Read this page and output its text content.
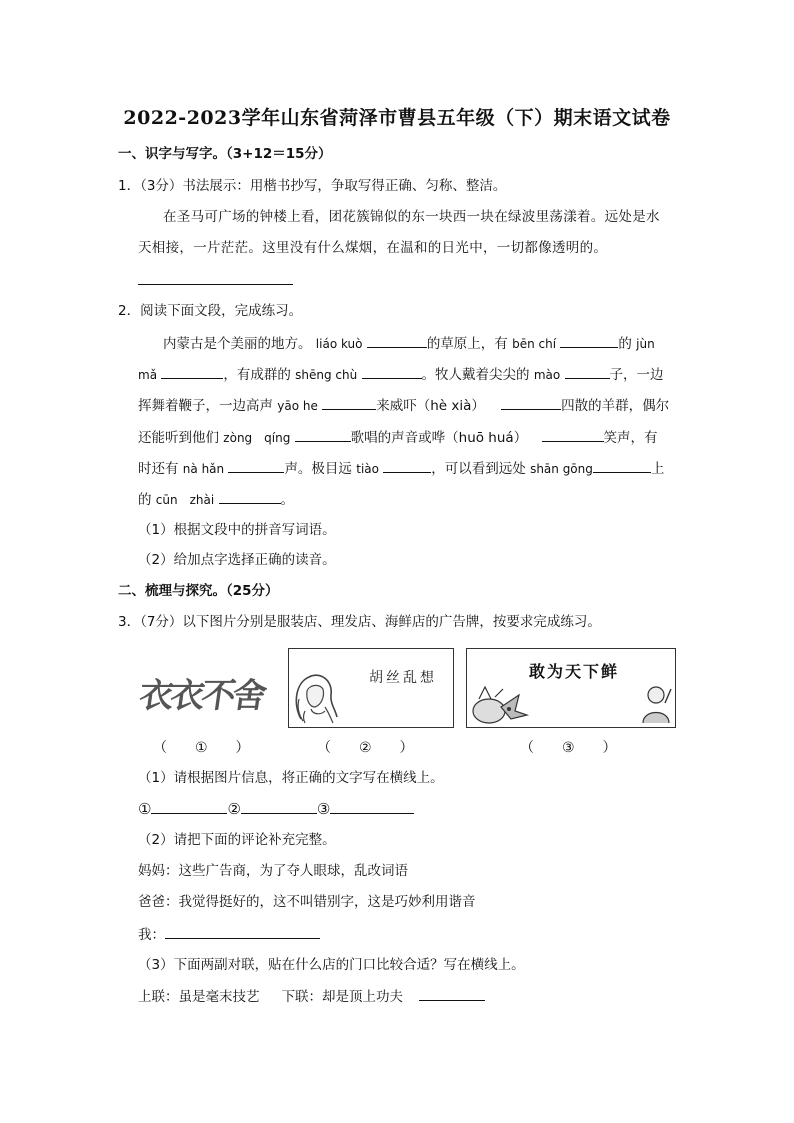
2022-2023学年山东省菏泽市曹县五年级（下）期末语文试卷
一、识字与写字。（3+12＝15分）
1．（3分）书法展示：用楷书抄写，争取写得正确、匀称、整洁。
在圣马可广场的钟楼上看，团花簇锦似的东一块西一块在绿波里荡漾着。远处是水
天相接，一片茫茫。这里没有什么煤烟，在温和的日光中，一切都像透明的。
2．阅读下面文段，完成练习。
内蒙古是个美丽的地方。 liáo kuò	的草原上，有 bēn chí	的 jùn
mǎ	，有成群的 shēng chù	。牧人戴着尖尖的 mào	子，一边
挥舞着鞭子，一边高声 yāo he	来威吓（hè xià）	四散的羊群，偶尔
还能听到他们 zòng　qíng	歌唱的声音或哗（huō huá）	笑声，有
时还有 nà hǎn	声。极目远 tiào	，可以看到远处 shān gōng	上
的 cūn　zhài	。
（1）根据文段中的拼音写词语。
（2）给加点字选择正确的读音。
二、梳理与探究。（25分）
3．（7分）以下图片分别是服装店、理发店、海鲜店的广告牌，按要求完成练习。
衣衣不舍	胡丝乱想	敢为天下鲜
（　　①　　）	（　　②　　）	（　　③　　）
（1）请根据图片信息，将正确的文字写在横线上。
①	②	③
（2）请把下面的评论补充完整。
妈妈：这些广告商，为了夺人眼球，乱改词语
爸爸：我觉得挺好的，这不叫错别字，这是巧妙利用谐音
我：
（3）下面两副对联，贴在什么店的门口比较合适？写在横线上。
上联：虽是毫末技艺 下联：却是顶上功夫
